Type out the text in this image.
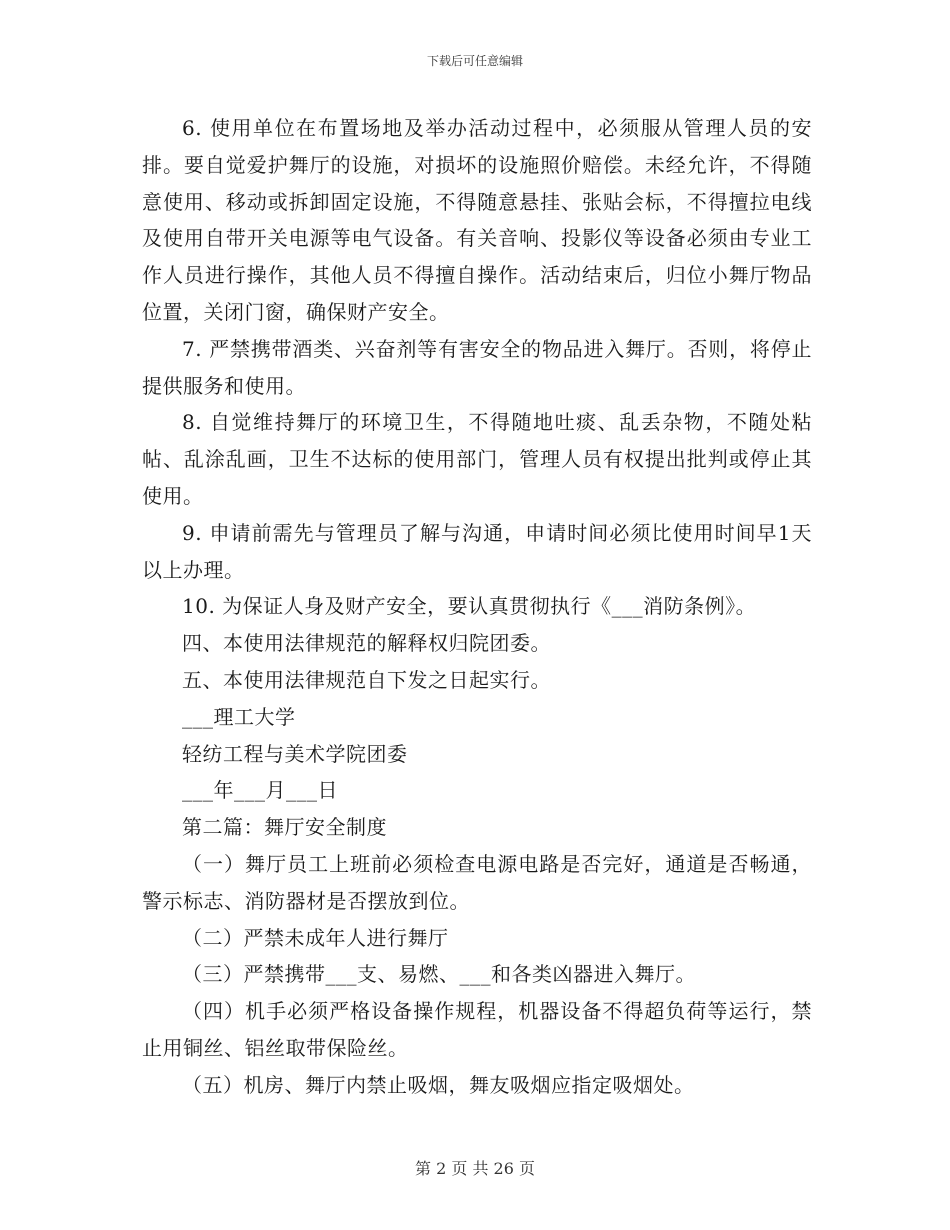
下载后可任意编辑

6. 使用单位在布置场地及举办活动过程中，必须服从管理人员的安排。要自觉爱护舞厅的设施，对损坏的设施照价赔偿。未经允许，不得随意使用、移动或拆卸固定设施，不得随意悬挂、张贴会标，不得擅拉电线及使用自带开关电源等电气设备。有关音响、投影仪等设备必须由专业工作人员进行操作，其他人员不得擅自操作。活动结束后，归位小舞厅物品位置，关闭门窗，确保财产安全。

7. 严禁携带酒类、兴奋剂等有害安全的物品进入舞厅。否则，将停止提供服务和使用。

8. 自觉维持舞厅的环境卫生，不得随地吐痰、乱丢杂物，不随处粘帖、乱涂乱画，卫生不达标的使用部门，管理人员有权提出批判或停止其使用。

9. 申请前需先与管理员了解与沟通，申请时间必须比使用时间早1天以上办理。

10. 为保证人身及财产安全，要认真贯彻执行《___消防条例》。

四、本使用法律规范的解释权归院团委。

五、本使用法律规范自下发之日起实行。

___理工大学

轻纺工程与美术学院团委

___年___月___日

第二篇：舞厅安全制度

（一）舞厅员工上班前必须检查电源电路是否完好，通道是否畅通，警示标志、消防器材是否摆放到位。

（二）严禁未成年人进行舞厅

（三）严禁携带___支、易燃、___和各类凶器进入舞厅。

（四）机手必须严格设备操作规程，机器设备不得超负荷等运行，禁止用铜丝、铝丝取带保险丝。

（五）机房、舞厅内禁止吸烟，舞友吸烟应指定吸烟处。

第 2 页 共 26 页
